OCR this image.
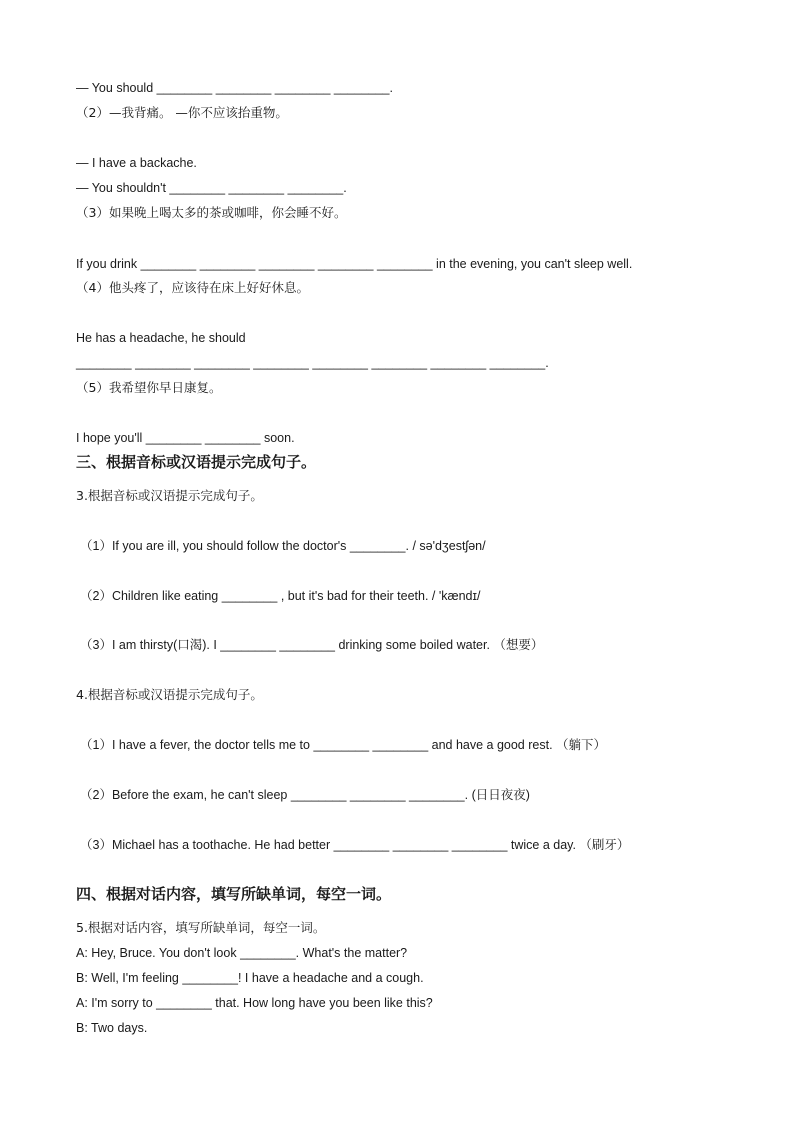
— You should ________ ________ ________ ________.
（2）—我背痛。 —你不应该抬重物。
— I have a backache.
— You shouldn't ________ ________ ________.
（3）如果晚上喝太多的茶或咖啡，你会睡不好。
If you drink ________ ________ ________ ________ ________ in the evening, you can't sleep well.
（4）他头疼了，应该待在床上好好休息。
He has a headache, he should
________ ________ ________ ________ ________ ________ ________ ________.
（5）我希望你早日康复。
I hope you'll ________ ________ soon.
三、根据音标或汉语提示完成句子。
3.根据音标或汉语提示完成句子。
（1）If you are ill, you should follow the doctor's ________. / sə'dʒestʃən/
（2）Children like eating ________ , but it's bad for their teeth. / 'kændɪ/
（3）I am thirsty(口渴). I ________ ________ drinking some boiled water. （想要）
4.根据音标或汉语提示完成句子。
（1）I have a fever, the doctor tells me to ________ ________ and have a good rest. （躺下）
（2）Before the exam, he can't sleep ________ ________ ________. (日日夜夜)
（3）Michael has a toothache. He had better ________ ________ ________ twice a day. （刷牙）
四、根据对话内容，填写所缺单词，每空一词。
5.根据对话内容，填写所缺单词，每空一词。
A: Hey, Bruce. You don't look ________. What's the matter?
B: Well, I'm feeling ________! I have a headache and a cough.
A: I'm sorry to ________ that. How long have you been like this?
B: Two days.
